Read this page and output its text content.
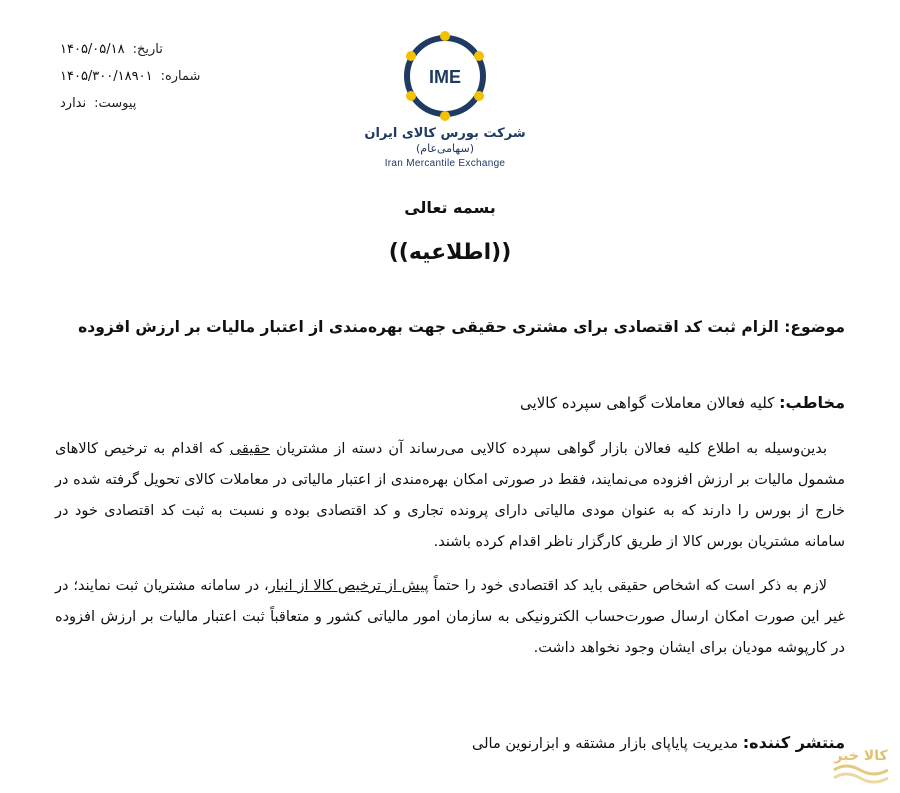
تاریخ:
۱۴۰۵/۰۵/۱۸
شماره:
۱۴۰۵/۳۰۰/۱۸۹۰۱
پیوست:
ندارد
IME
شرکت بورس کالای ایران (سهامی‌عام)
Iran Mercantile Exchange
بسمه تعالی
((اطلاعیه))
موضوع: الزام ثبت کد اقتصادی برای مشتری حقیقی جهت بهره‌مندی از اعتبار مالیات بر ارزش افزوده
مخاطب: کلیه فعالان معاملات گواهی سپرده کالایی
بدین‌وسیله به اطلاع کلیه فعالان بازار گواهی سپرده کالایی می‌رساند آن دسته از مشتریان حقیقی که اقدام به ترخیص کالاهای مشمول مالیات بر ارزش افزوده می‌نمایند، فقط در صورتی امکان بهره‌مندی از اعتبار مالیاتی در معاملات کالای تحویل گرفته شده در خارج از بورس را دارند که به عنوان مودی مالیاتی دارای پرونده تجاری و کد اقتصادی بوده و نسبت به ثبت کد اقتصادی خود در سامانه مشتریان بورس کالا از طریق کارگزار ناظر اقدام کرده باشند.
لازم به ذکر است که اشخاص حقیقی باید کد اقتصادی خود را حتماً پیش از ترخیص کالا از انبار، در سامانه مشتریان ثبت نمایند؛ در غیر این صورت امکان ارسال صورت‌حساب الکترونیکی به سازمان امور مالیاتی کشور و متعاقباً ثبت اعتبار مالیات بر ارزش افزوده در کارپوشه مودیان برای ایشان وجود نخواهد داشت.
منتشر کننده: مدیریت پایاپای بازار مشتقه و ابزارنوین مالی
کالا خبر
